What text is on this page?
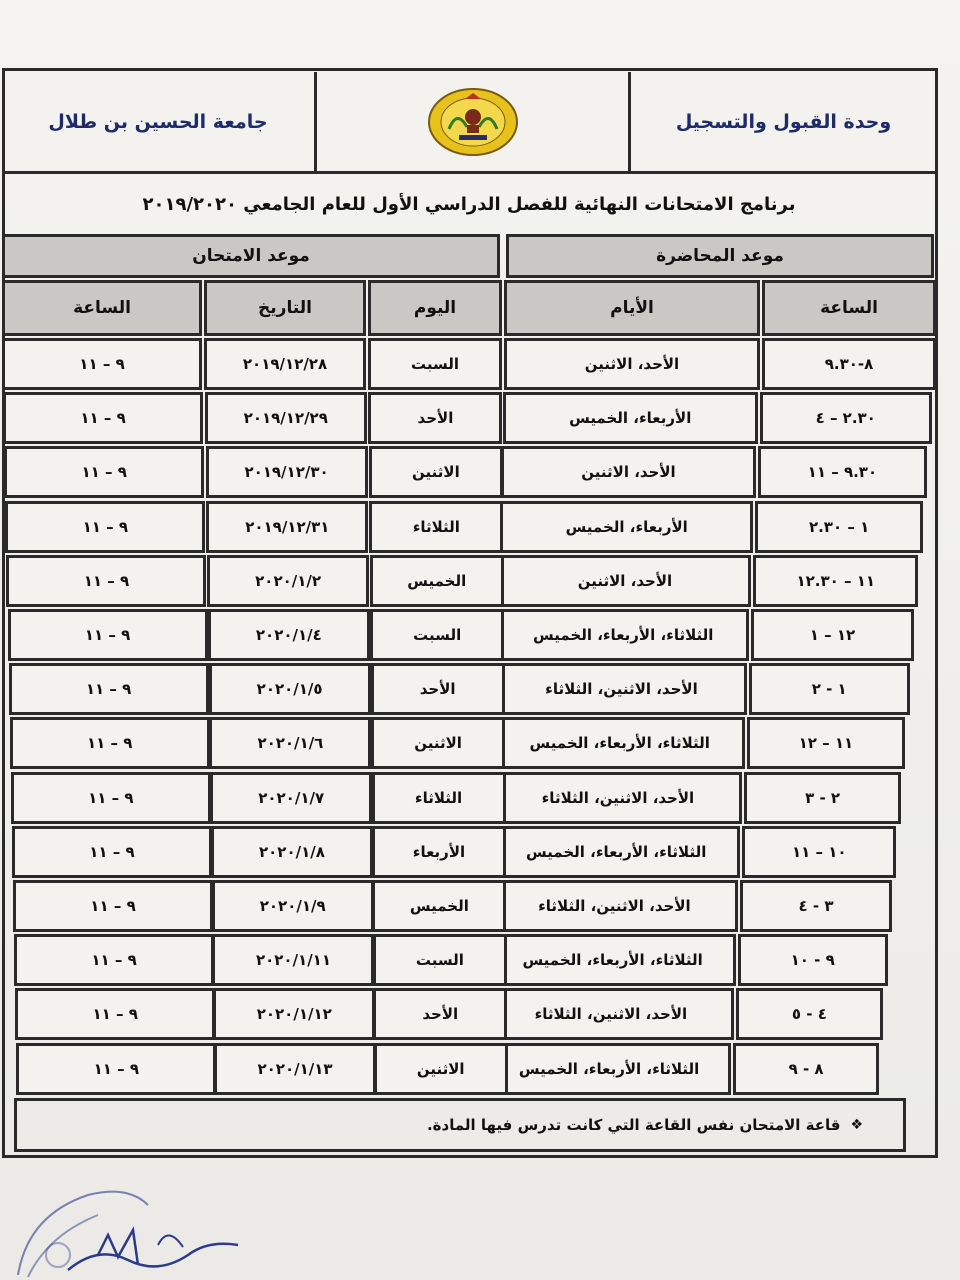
وحدة القبول والتسجيل
جامعة الحسين بن طلال
برنامج الامتحانات النهائية للفصل الدراسي الأول للعام الجامعي ٢٠١٩/٢٠٢٠
موعد المحاضرة
موعد الامتحان
الساعة
الأيام
اليوم
التاريخ
الساعة
٨-٩.٣٠
الأحد، الاثنين
السبت
٢٠١٩/١٢/٢٨
٩ – ١١
٢.٣٠ – ٤
الأربعاء، الخميس
الأحد
٢٠١٩/١٢/٢٩
٩ – ١١
٩.٣٠ – ١١
الأحد، الاثنين
الاثنين
٢٠١٩/١٢/٣٠
٩ – ١١
١ – ٢.٣٠
الأربعاء، الخميس
الثلاثاء
٢٠١٩/١٢/٣١
٩ – ١١
١١ – ١٢.٣٠
الأحد، الاثنين
الخميس
٢٠٢٠/١/٢
٩ – ١١
١٢ – ١
الثلاثاء، الأربعاء، الخميس
السبت
٢٠٢٠/١/٤
٩ – ١١
١ - ٢
الأحد، الاثنين، الثلاثاء
الأحد
٢٠٢٠/١/٥
٩ – ١١
١١ – ١٢
الثلاثاء، الأربعاء، الخميس
الاثنين
٢٠٢٠/١/٦
٩ – ١١
٢ - ٣
الأحد، الاثنين، الثلاثاء
الثلاثاء
٢٠٢٠/١/٧
٩ – ١١
١٠ – ١١
الثلاثاء، الأربعاء، الخميس
الأربعاء
٢٠٢٠/١/٨
٩ – ١١
٣ - ٤
الأحد، الاثنين، الثلاثاء
الخميس
٢٠٢٠/١/٩
٩ – ١١
٩ - ١٠
الثلاثاء، الأربعاء، الخميس
السبت
٢٠٢٠/١/١١
٩ – ١١
٤ - ٥
الأحد، الاثنين، الثلاثاء
الأحد
٢٠٢٠/١/١٢
٩ – ١١
٨ - ٩
الثلاثاء، الأربعاء، الخميس
الاثنين
٢٠٢٠/١/١٣
٩ – ١١
❖
قاعة الامتحان نفس القاعة التي كانت تدرس فيها المادة.
